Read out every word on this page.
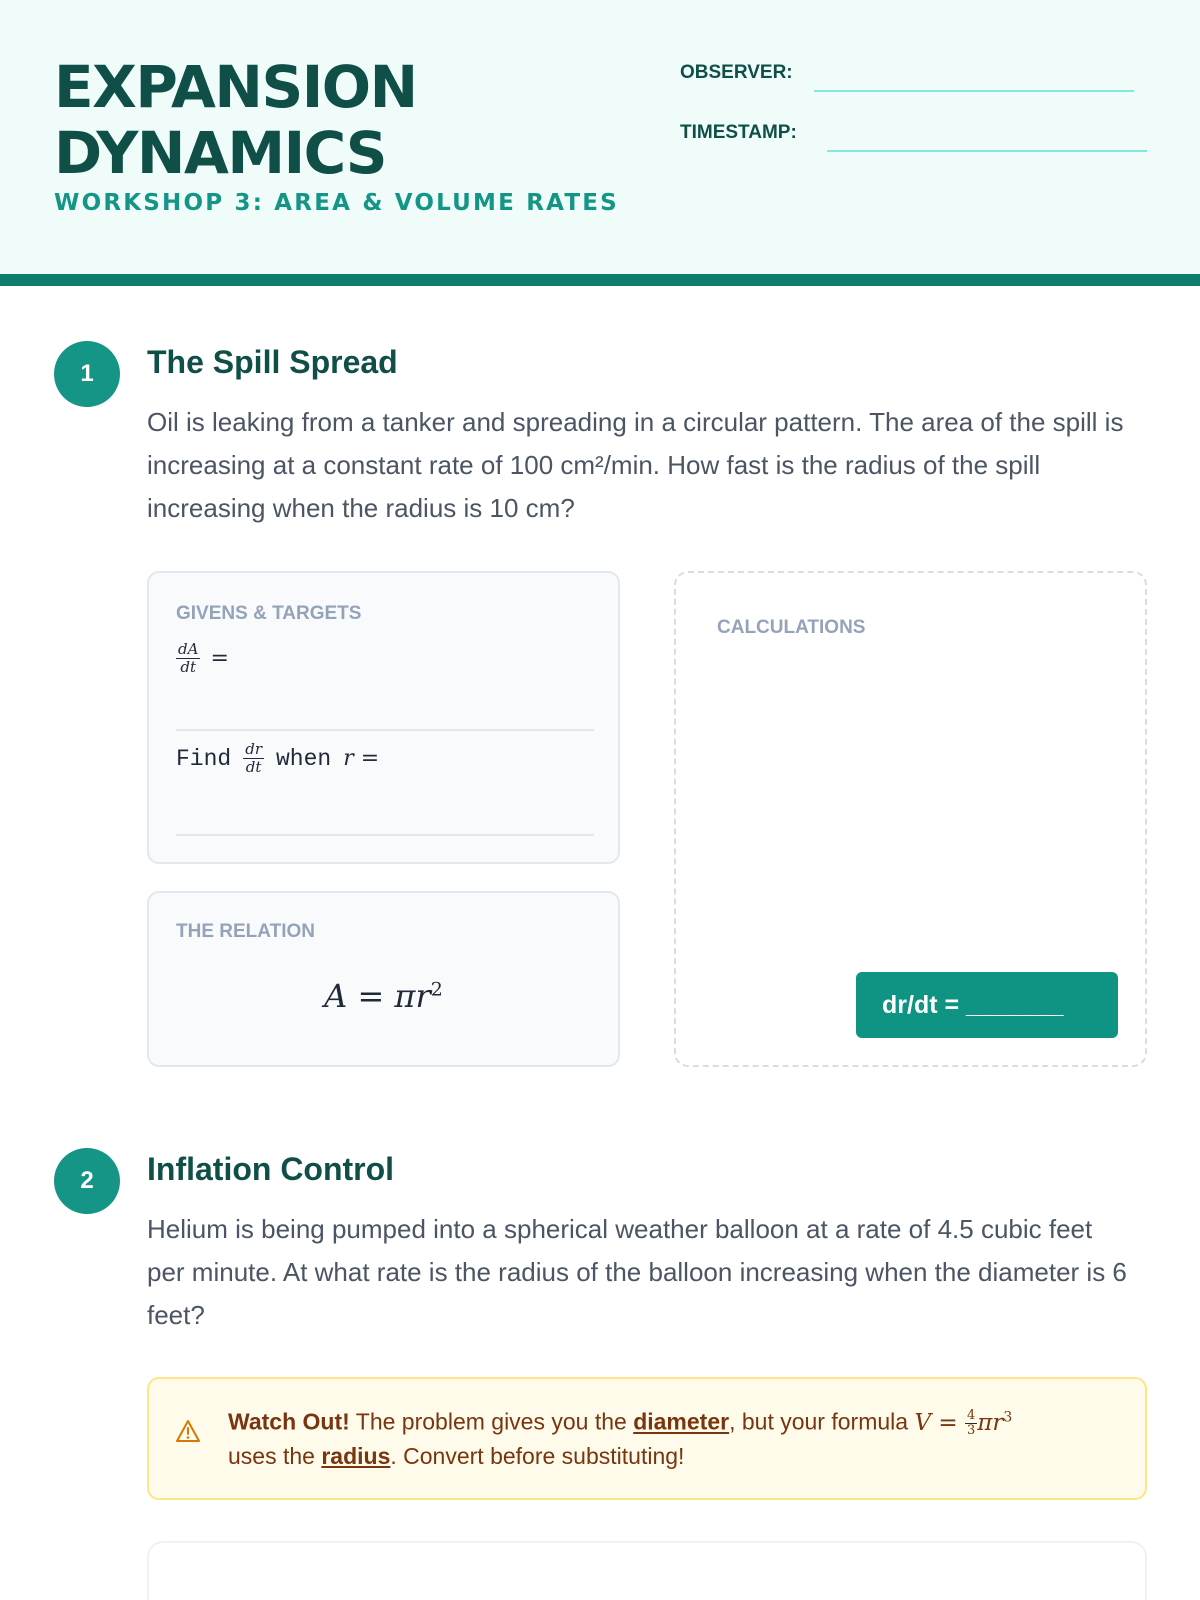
EXPANSION
DYNAMICS
WORKSHOP 3: AREA & VOLUME RATES
OBSERVER:
TIMESTAMP:
1	The Spill Spread
Oil is leaking from a tanker and spreading in a circular pattern. The area of the spill is increasing at a constant rate of 100 cm²/min. How fast is the radius of the spill increasing when the radius is 10 cm?
GIVENS & TARGETS
$\frac{dA}{dt}$ =
Find $\frac{dr}{dt}$ when r =
THE RELATION
$A = \pi r^2$
CALCULATIONS
dr/dt = _______
2	Inflation Control
Helium is being pumped into a spherical weather balloon at a rate of 4.5 cubic feet per minute. At what rate is the radius of the balloon increasing when the diameter is 6 feet?
Watch Out! The problem gives you the diameter, but your formula $V = \frac{4}{3} \pi r^3$
uses the radius. Convert before substituting!
